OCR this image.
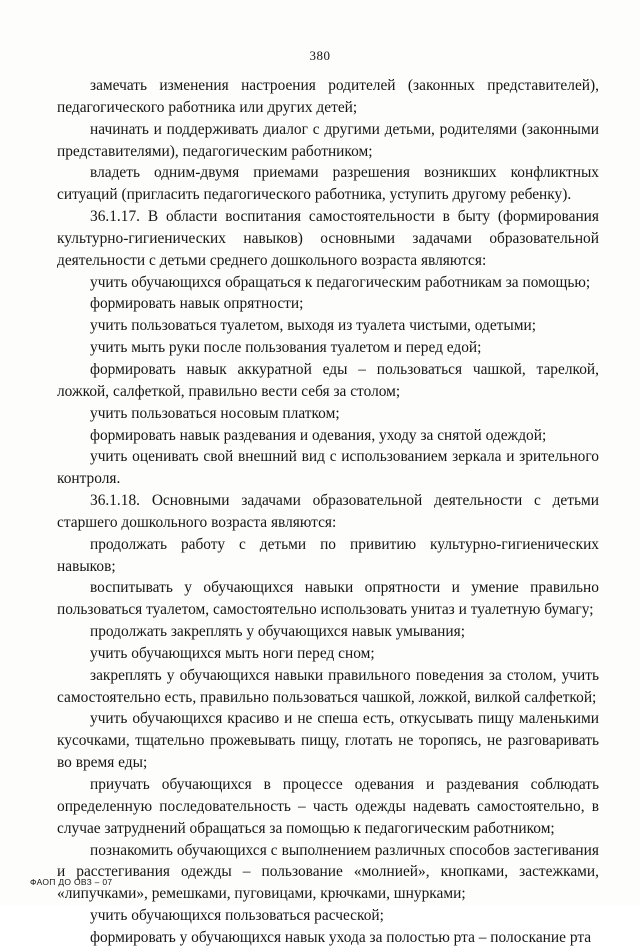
380

замечать изменения настроения родителей (законных представителей), педагогического работника или других детей;

начинать и поддерживать диалог с другими детьми, родителями (законными представителями), педагогическим работником;

владеть одним-двумя приемами разрешения возникших конфликтных ситуаций (пригласить педагогического работника, уступить другому ребенку).

36.1.17. В области воспитания самостоятельности в быту (формирования культурно-гигиенических навыков) основными задачами образовательной деятельности с детьми среднего дошкольного возраста являются:

учить обучающихся обращаться к педагогическим работникам за помощью;

формировать навык опрятности;

учить пользоваться туалетом, выходя из туалета чистыми, одетыми;

учить мыть руки после пользования туалетом и перед едой;

формировать навык аккуратной еды – пользоваться чашкой, тарелкой, ложкой, салфеткой, правильно вести себя за столом;

учить пользоваться носовым платком;

формировать навык раздевания и одевания, уходу за снятой одеждой;

учить оценивать свой внешний вид с использованием зеркала и зрительного контроля.

36.1.18. Основными задачами образовательной деятельности с детьми старшего дошкольного возраста являются:

продолжать работу с детьми по привитию культурно-гигиенических навыков;

воспитывать у обучающихся навыки опрятности и умение правильно пользоваться туалетом, самостоятельно использовать унитаз и туалетную бумагу;

продолжать закреплять у обучающихся навык умывания;

учить обучающихся мыть ноги перед сном;

закреплять у обучающихся навыки правильного поведения за столом, учить самостоятельно есть, правильно пользоваться чашкой, ложкой, вилкой салфеткой;

учить обучающихся красиво и не спеша есть, откусывать пищу маленькими кусочками, тщательно прожевывать пищу, глотать не торопясь, не разговаривать во время еды;

приучать обучающихся в процессе одевания и раздевания соблюдать определенную последовательность – часть одежды надевать самостоятельно, в случае затруднений обращаться за помощью к педагогическим работником;

познакомить обучающихся с выполнением различных способов застегивания и расстегивания одежды – пользование «молнией», кнопками, застежками, «липучками», ремешками, пуговицами, крючками, шнурками;

учить обучающихся пользоваться расческой;

формировать у обучающихся навык ухода за полостью рта – полоскание рта

ФАОП ДО ОВЗ – 07
